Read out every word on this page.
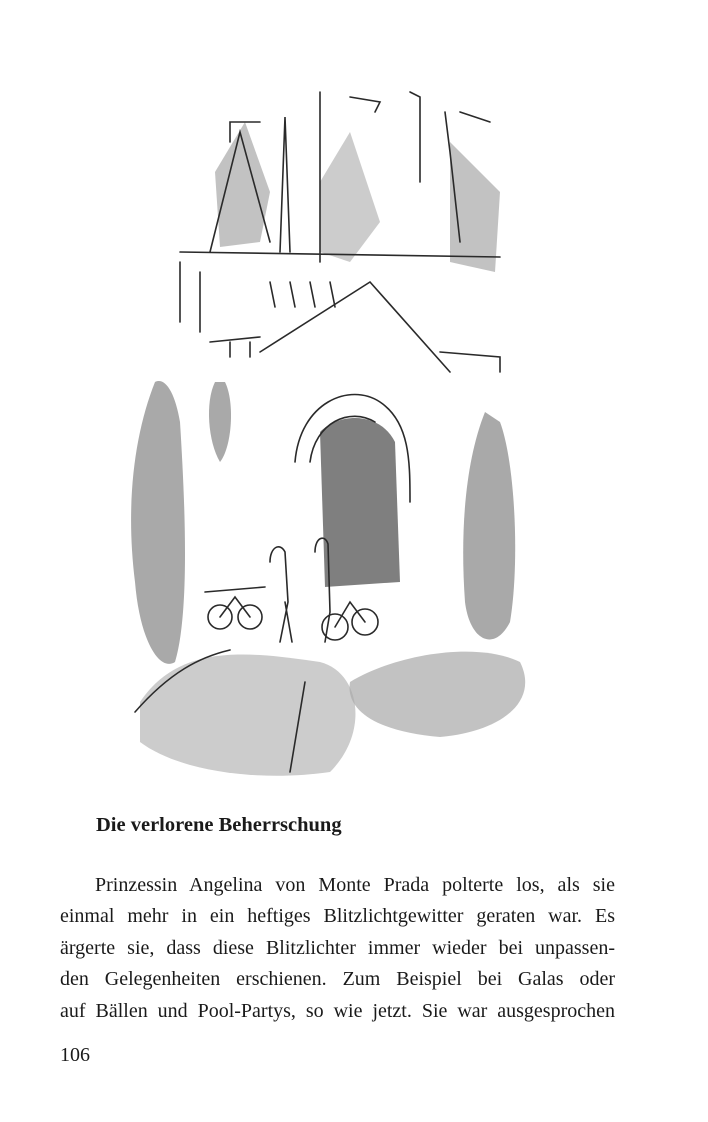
Die verlorene Beherrschung

Prinzessin Angelina von Monte Prada polterte los, als sie
einmal mehr in ein heftiges Blitzlichtgewitter geraten war. Es
ärgerte sie, dass diese Blitzlichter immer wieder bei unpassen-
den Gelegenheiten erschienen. Zum Beispiel bei Galas oder
auf Bällen und Pool-Partys, so wie jetzt. Sie war ausgesprochen

106
